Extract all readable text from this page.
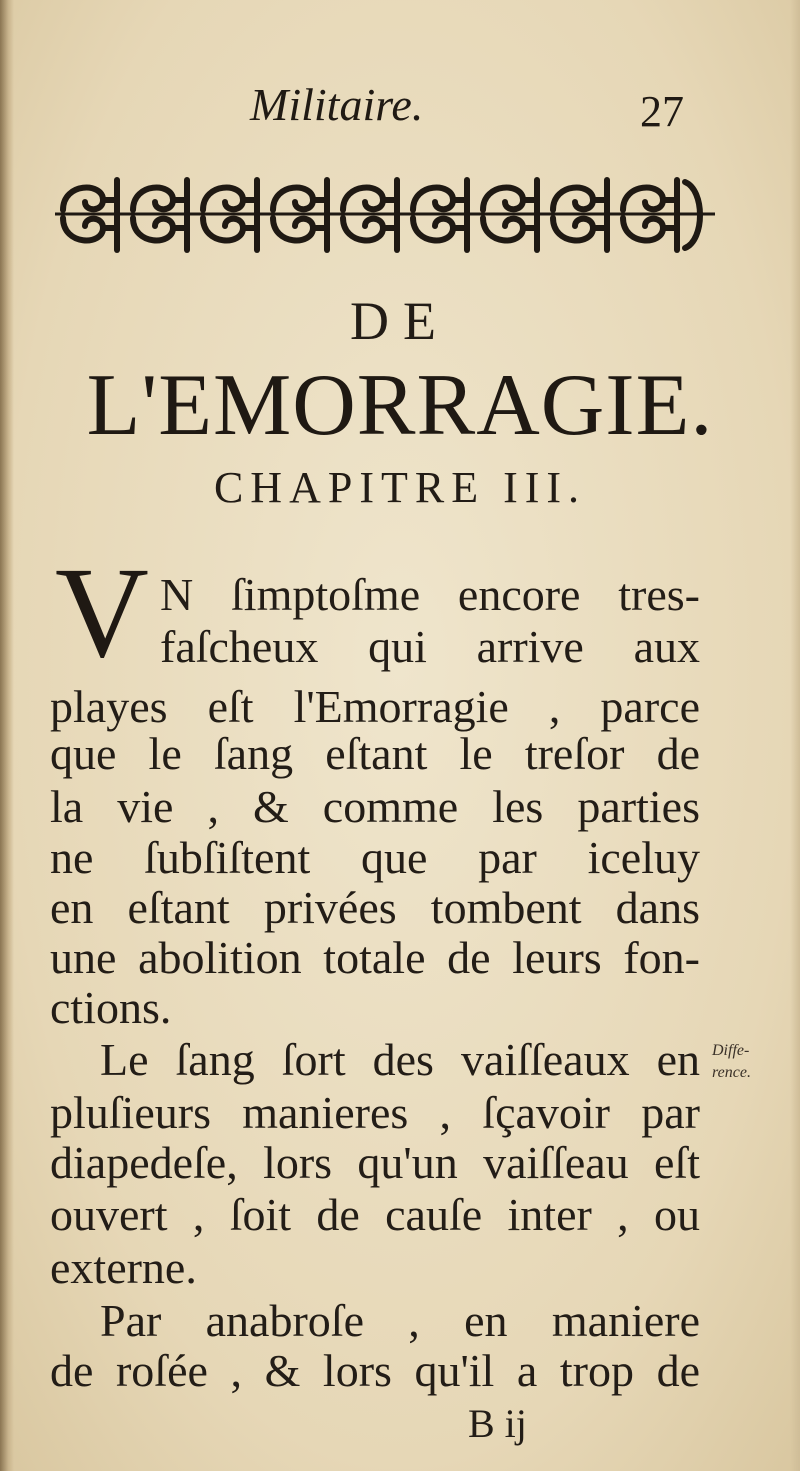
Militaire.	27
DE
L'EMORRAGIE.
CHAPITRE III.
V N ſimptoſme encore tres-
faſcheux qui arrive aux
playes eſt l'Emorragie , parce
que le ſang eſtant le treſor de
la vie , & comme les parties
ne ſubſiſtent que par iceluy
en eſtant privées tombent dans
une abolition totale de leurs fon-
ctions.
Le ſang ſort des vaiſſeaux en
pluſieurs manieres , ſçavoir par
diapedeſe, lors qu'un vaiſſeau eſt
ouvert , ſoit de cauſe inter , ou
externe.
Par anabroſe , en maniere
de roſée , & lors qu'il a trop de
Diffe-
rence.
B ij
